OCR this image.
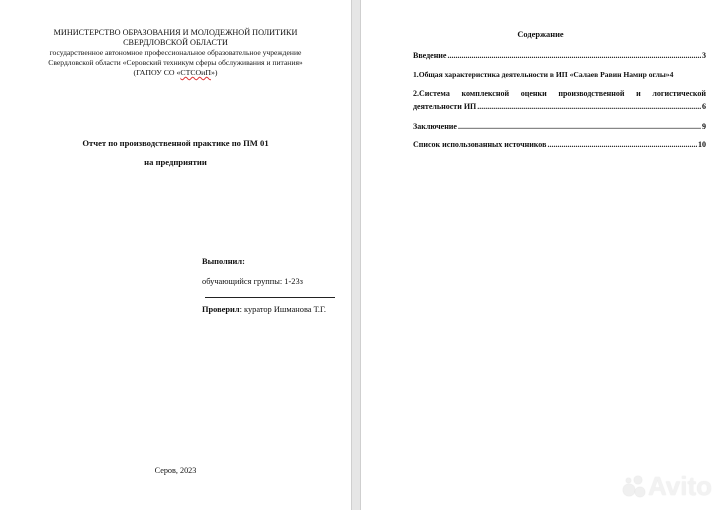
МИНИСТЕРСТВО ОБРАЗОВАНИЯ И МОЛОДЕЖНОЙ ПОЛИТИКИ
СВЕРДЛОВСКОЙ ОБЛАСТИ
государственное автономное профессиональное образовательное учреждение
Свердловской области «Серовский техникум сферы обслуживания и питания»
(ГАПОУ СО «СТСОиП»)
Отчет по производственной практике по ПМ 01
на предприятии
Выполнил:
обучающийся группы: 1-23з
Проверил: куратор Ишманова Т.Г.
Серов, 2023
Содержание
Введение .....	3
1.Общая характеристика деятельности в ИП «Салаев Равин Намир оглы» 4
2.Система комплексной оценки производственной и логистической
деятельности ИП .....	6
Заключение .....	9
Список использованных источников .....	10
Avito
